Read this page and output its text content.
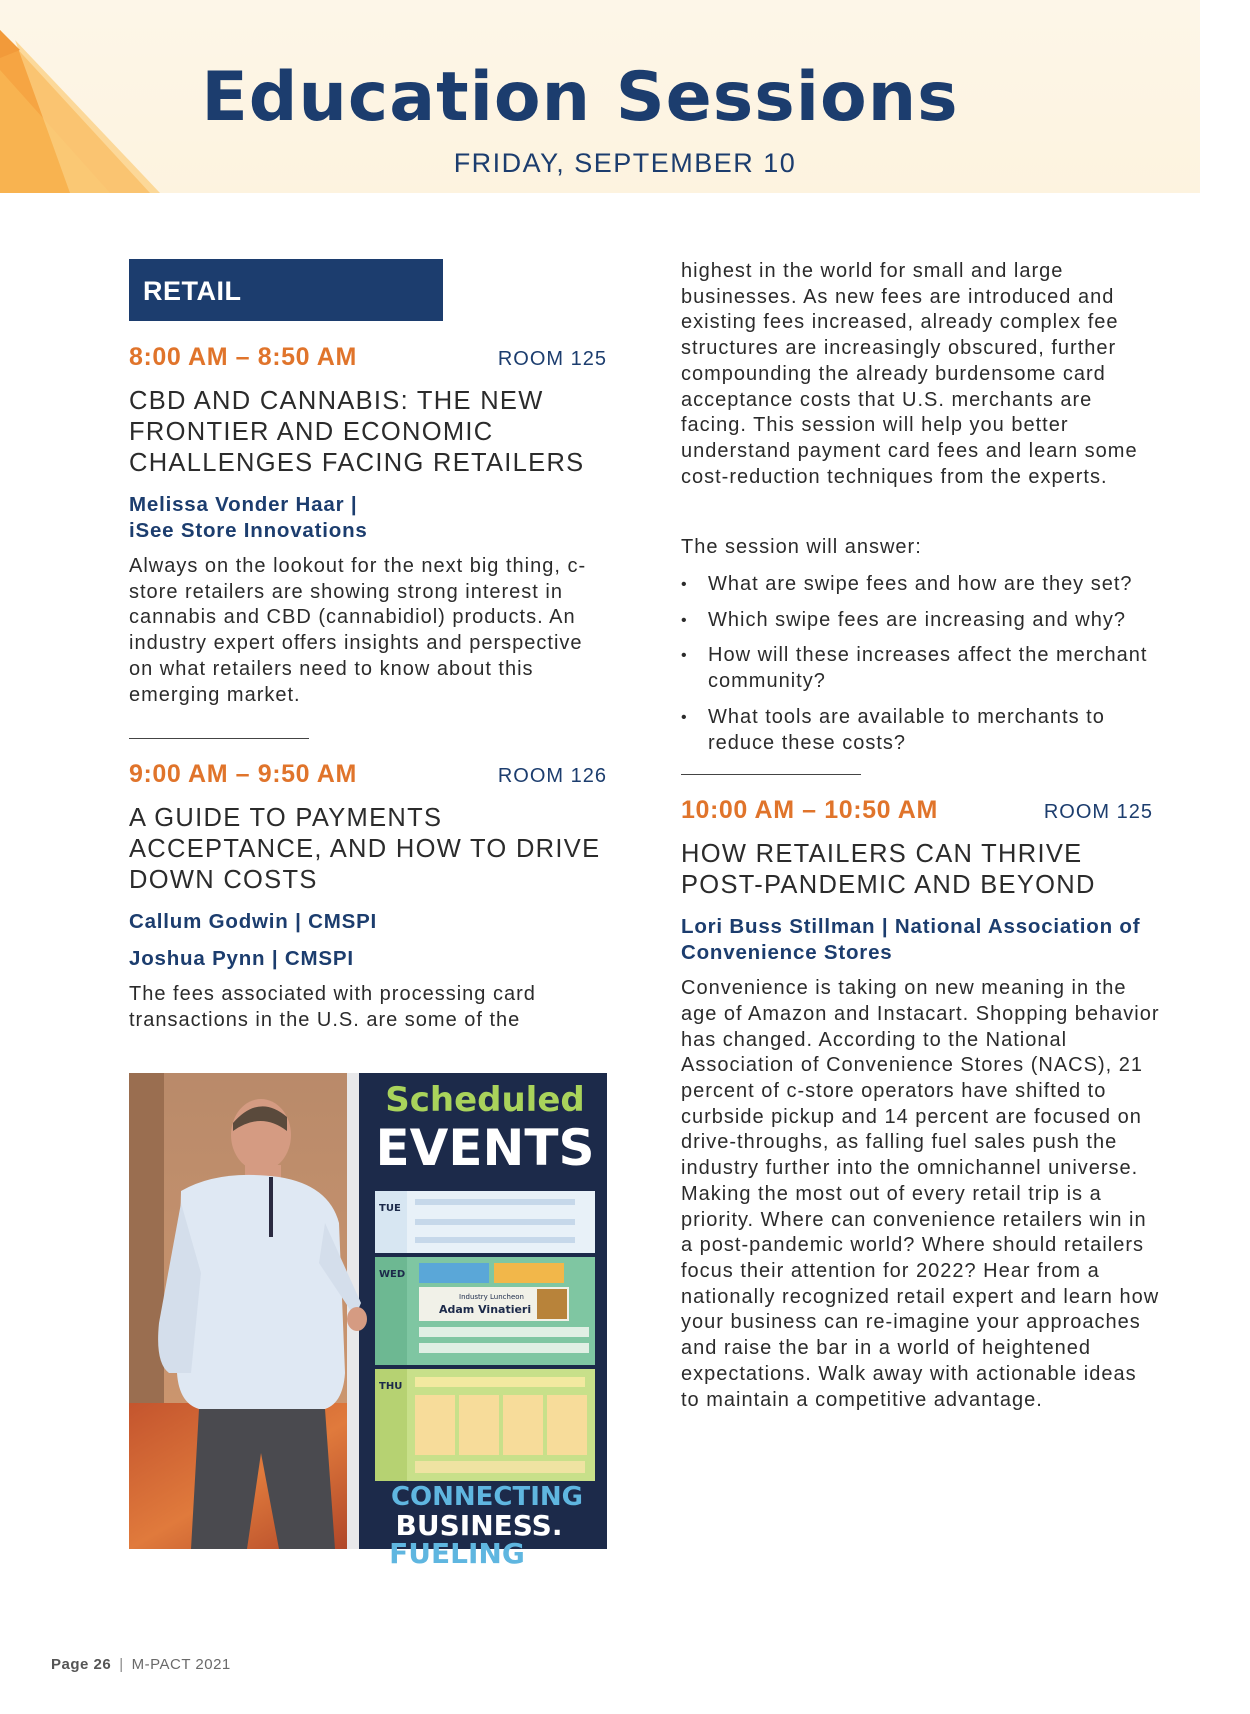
Education Sessions
FRIDAY, SEPTEMBER 10
RETAIL
8:00 AM – 8:50 AM	ROOM 125
CBD AND CANNABIS: THE NEW FRONTIER AND ECONOMIC CHALLENGES FACING RETAILERS
Melissa Vonder Haar |
iSee Store Innovations
Always on the lookout for the next big thing, c-store retailers are showing strong interest in cannabis and CBD (cannabidiol) products. An industry expert offers insights and perspective on what retailers need to know about this emerging market.
9:00 AM – 9:50 AM	ROOM 126
A GUIDE TO PAYMENTS ACCEPTANCE, AND HOW TO DRIVE DOWN COSTS
Callum Godwin | CMSPI
Joshua Pynn | CMSPI
The fees associated with processing card transactions in the U.S. are some of the
Scheduled
EVENTS
TUE
WED
Industry Luncheon
Adam Vinatieri
THU
CONNECTING
BUSINESS.
FUELING
highest in the world for small and large businesses. As new fees are introduced and existing fees increased, already complex fee structures are increasingly obscured, further compounding the already burdensome card acceptance costs that U.S. merchants are facing. This session will help you better understand payment card fees and learn some cost-reduction techniques from the experts.
The session will answer:
• What are swipe fees and how are they set?
• Which swipe fees are increasing and why?
• How will these increases affect the merchant community?
• What tools are available to merchants to reduce these costs?
10:00 AM – 10:50 AM	ROOM 125
HOW RETAILERS CAN THRIVE POST-PANDEMIC AND BEYOND
Lori Buss Stillman | National Association of Convenience Stores
Convenience is taking on new meaning in the age of Amazon and Instacart. Shopping behavior has changed. According to the National Association of Convenience Stores (NACS), 21 percent of c-store operators have shifted to curbside pickup and 14 percent are focused on drive-throughs, as falling fuel sales push the industry further into the omnichannel universe. Making the most out of every retail trip is a priority. Where can convenience retailers win in a post-pandemic world? Where should retailers focus their attention for 2022? Hear from a nationally recognized retail expert and learn how your business can re-imagine your approaches and raise the bar in a world of heightened expectations. Walk away with actionable ideas to maintain a competitive advantage.
Page 26 | M-PACT 2021
